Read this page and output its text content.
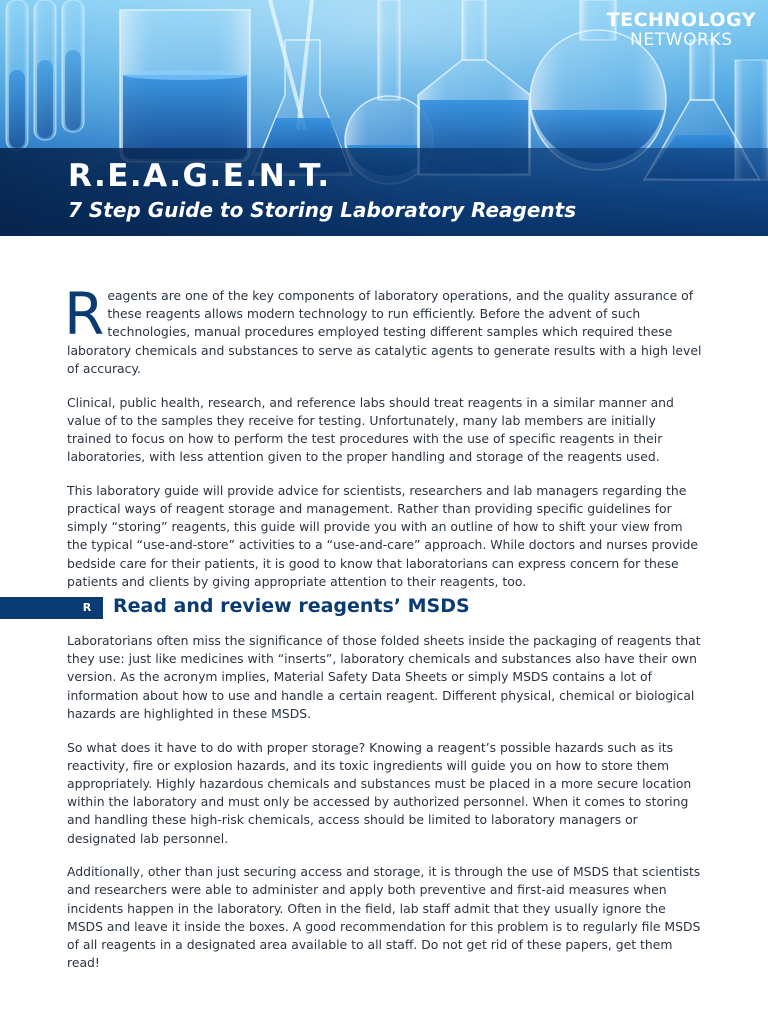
TECHNOLOGY
NETWORKS
R.E.A.G.E.N.T.
7 Step Guide to Storing Laboratory Reagents

Reagents are one of the key components of laboratory operations, and the quality assurance of these reagents allows modern technology to run efficiently. Before the advent of such technologies, manual procedures employed testing different samples which required these laboratory chemicals and substances to serve as catalytic agents to generate results with a high level of accuracy.

Clinical, public health, research, and reference labs should treat reagents in a similar manner and value of to the samples they receive for testing. Unfortunately, many lab members are initially trained to focus on how to perform the test procedures with the use of specific reagents in their laboratories, with less attention given to the proper handling and storage of the reagents used.

This laboratory guide will provide advice for scientists, researchers and lab managers regarding the practical ways of reagent storage and management. Rather than providing specific guidelines for simply “storing” reagents, this guide will provide you with an outline of how to shift your view from the typical “use-and-store” activities to a “use-and-care” approach. While doctors and nurses provide bedside care for their patients, it is good to know that laboratorians can express concern for these patients and clients by giving appropriate attention to their reagents, too.

R Read and review reagents’ MSDS

Laboratorians often miss the significance of those folded sheets inside the packaging of reagents that they use: just like medicines with “inserts”, laboratory chemicals and substances also have their own version. As the acronym implies, Material Safety Data Sheets or simply MSDS contains a lot of information about how to use and handle a certain reagent. Different physical, chemical or biological hazards are highlighted in these MSDS.

So what does it have to do with proper storage? Knowing a reagent’s possible hazards such as its reactivity, fire or explosion hazards, and its toxic ingredients will guide you on how to store them appropriately. Highly hazardous chemicals and substances must be placed in a more secure location within the laboratory and must only be accessed by authorized personnel. When it comes to storing and handling these high-risk chemicals, access should be limited to laboratory managers or designated lab personnel.

Additionally, other than just securing access and storage, it is through the use of MSDS that scientists and researchers were able to administer and apply both preventive and first-aid measures when incidents happen in the laboratory. Often in the field, lab staff admit that they usually ignore the MSDS and leave it inside the boxes. A good recommendation for this problem is to regularly file MSDS of all reagents in a designated area available to all staff. Do not get rid of these papers, get them read!
